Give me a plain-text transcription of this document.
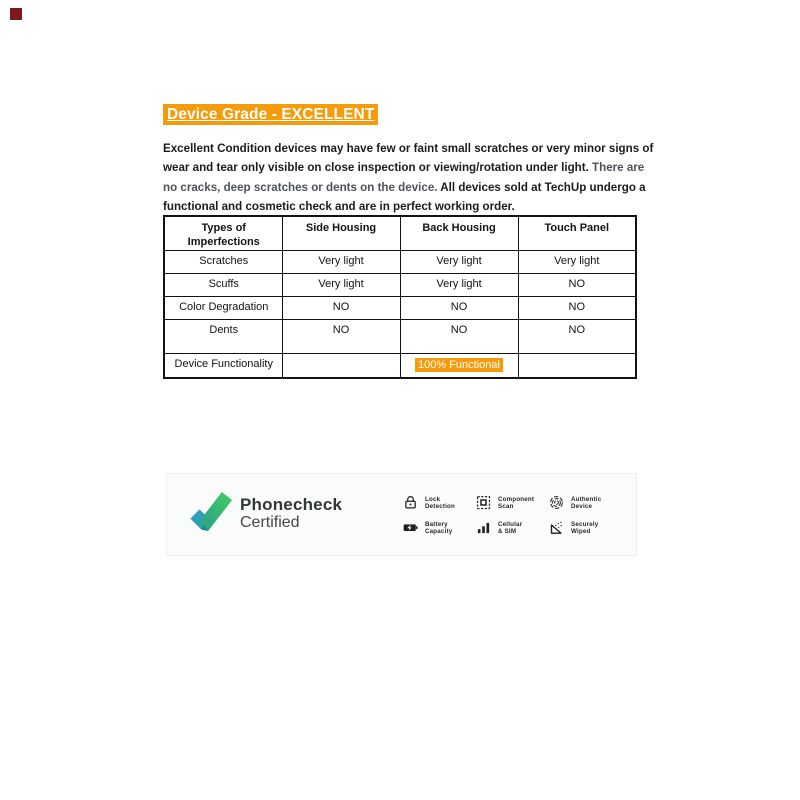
Device Grade - EXCELLENT
Excellent Condition devices may have few or faint small scratches or very minor signs of
wear and tear only visible on close inspection or viewing/rotation under light. There are
no cracks, deep scratches or dents on the device. All devices sold at TechUp undergo a
functional and cosmetic check and are in perfect working order.
Types of Imperfections	Side Housing	Back Housing	Touch Panel
Scratches	Very light	Very light	Very light
Scuffs	Very light	Very light	NO
Color Degradation	NO	NO	NO
Dents	NO	NO	NO
Device Functionality		100% Functional	
Phonecheck
Certified
Lock
Detection
Component
Scan
Authentic
Device
Battery
Capacity
Cellular
& SIM
Securely
Wiped
